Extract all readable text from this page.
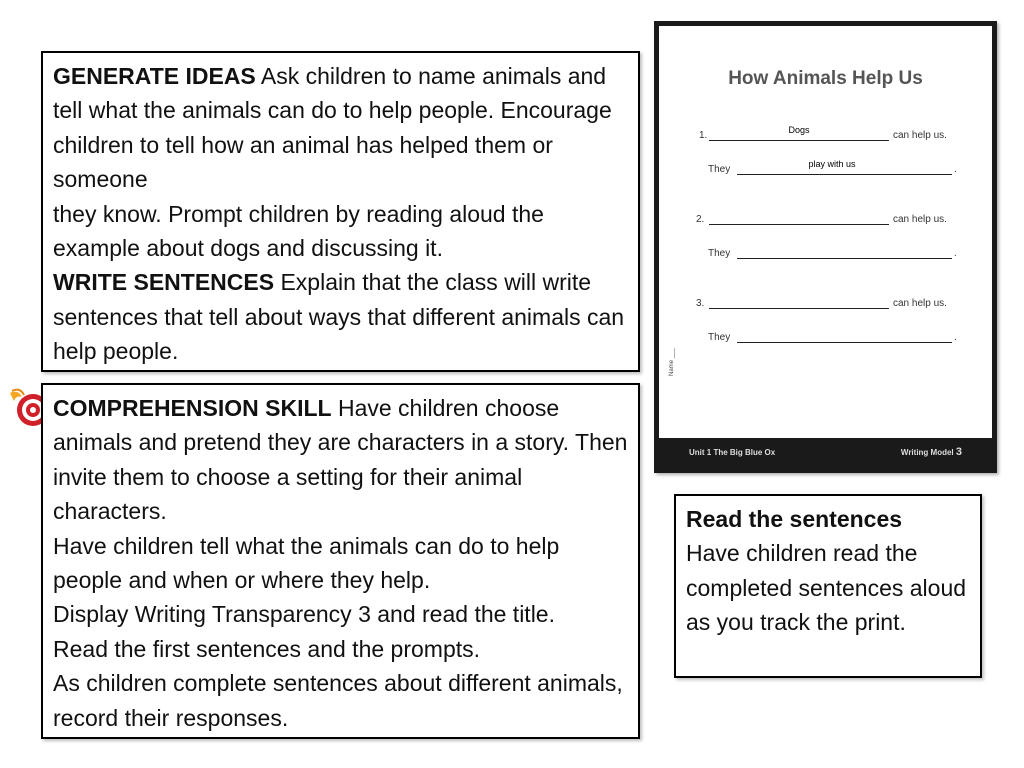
GENERATE IDEAS Ask children to name animals and tell what the animals can do to help people. Encourage children to tell how an animal has helped them or someone

they know. Prompt children by reading aloud the example about dogs and discussing it.

WRITE SENTENCES Explain that the class will write sentences that tell about ways that different animals can help people.

COMPREHENSION SKILL Have children choose animals and pretend they are characters in a story. Then invite them to choose a setting for their animal characters.

Have children tell what the animals can do to help people and when or where they help.

Display Writing Transparency 3 and read the title.

Read the first sentences and the prompts.

As children complete sentences about different animals, record their responses.

How Animals Help Us
1.	Dogs	can help us.
They	play with us	.
2.	can help us.
They	.
3.	can help us.
They	.
Name ___
Unit 1 The Big Blue Ox	Writing Model 3

Read the sentences

Have children read the completed sentences aloud as you track the print.
